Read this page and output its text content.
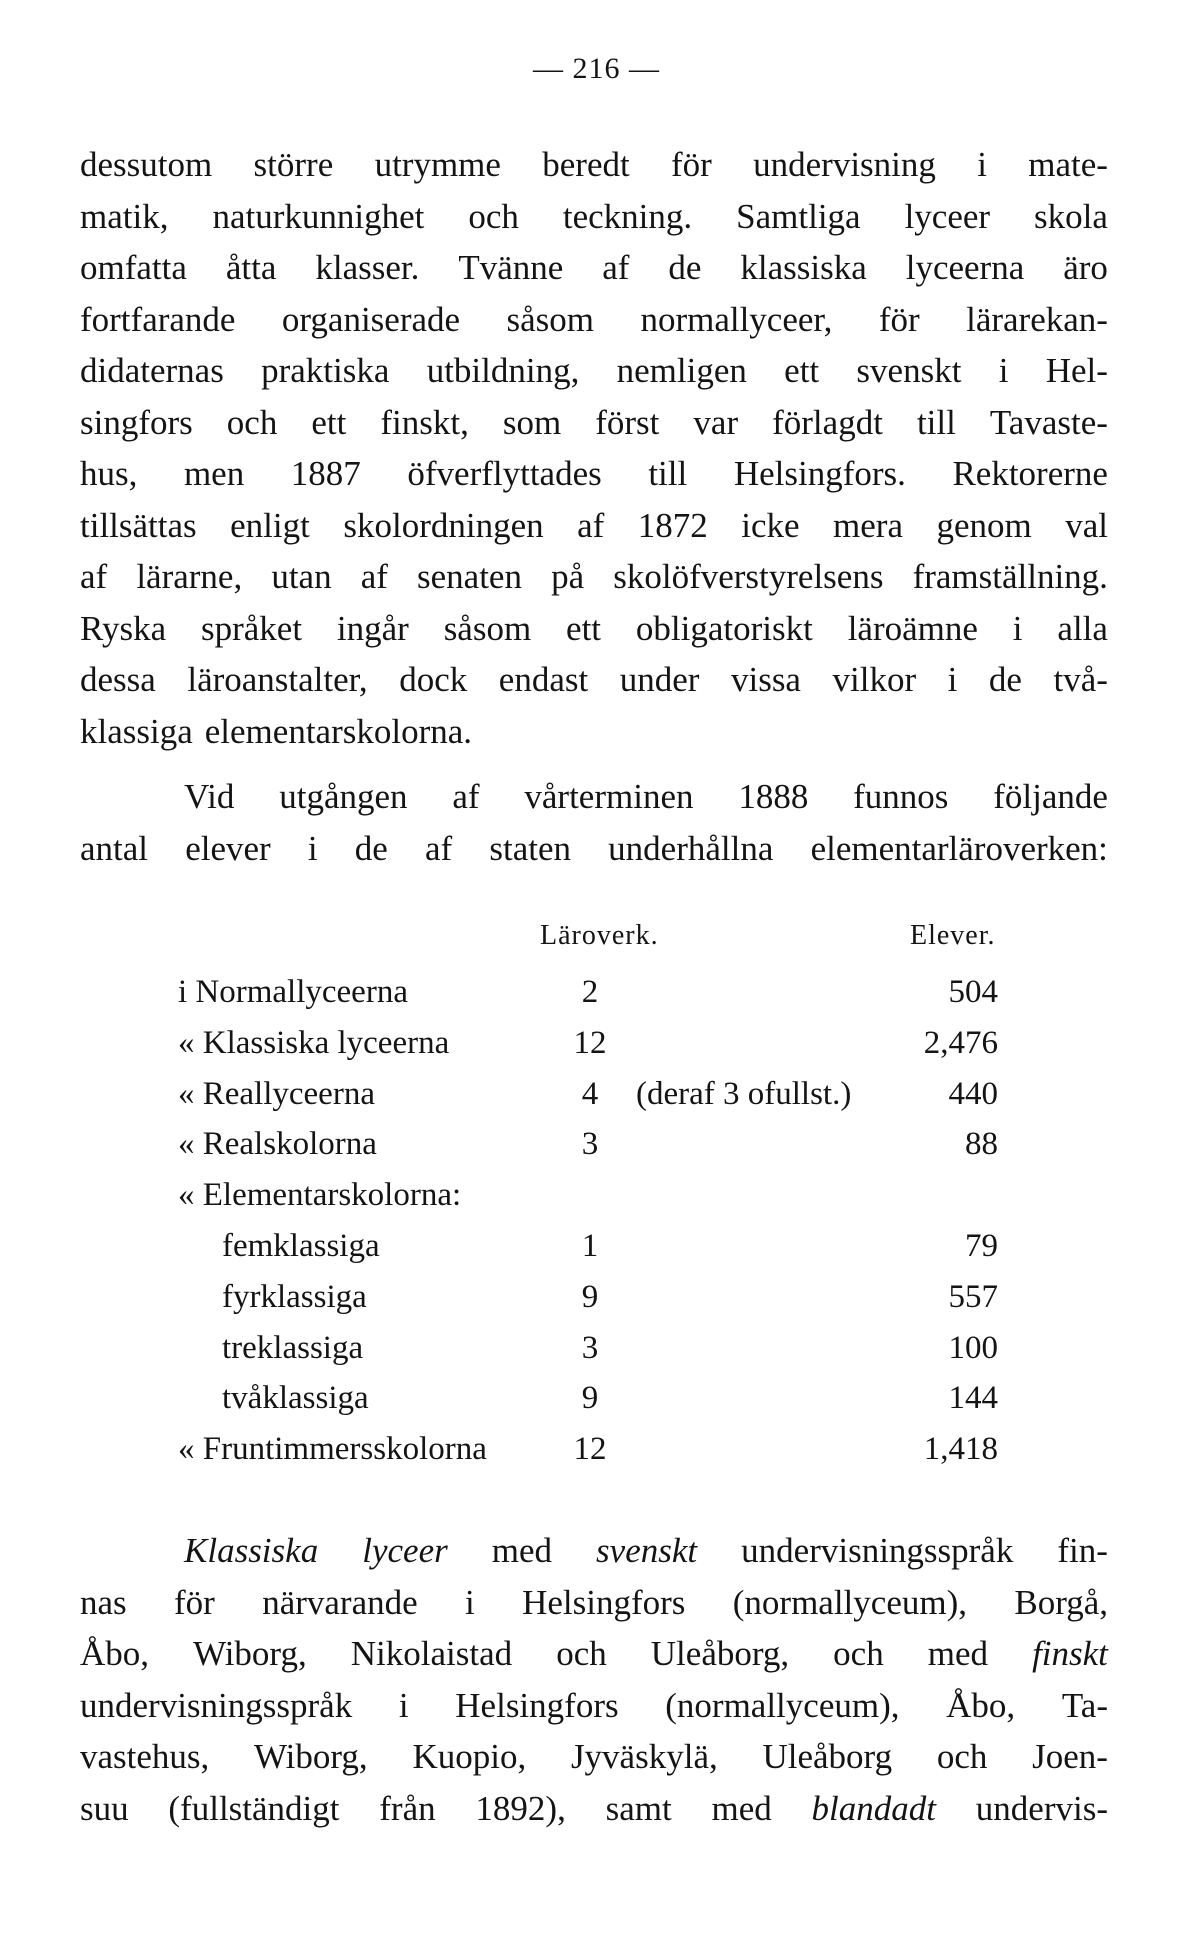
— 216 —
dessutom större utrymme beredt för undervisning i mate-
matik, naturkunnighet och teckning. Samtliga lyceer skola
omfatta åtta klasser. Tvänne af de klassiska lyceerna äro
fortfarande organiserade såsom normallyceer, för lärarekan-
didaternas praktiska utbildning, nemligen ett svenskt i Hel-
singfors och ett finskt, som först var förlagdt till Tavaste-
hus, men 1887 öfverflyttades till Helsingfors. Rektorerne
tillsättas enligt skolordningen af 1872 icke mera genom val
af lärarne, utan af senaten på skolöfverstyrelsens framställning.
Ryska språket ingår såsom ett obligatoriskt läroämne i alla
dessa läroanstalter, dock endast under vissa vilkor i de två-
klassiga elementarskolorna.
Vid utgången af vårterminen 1888 funnos följande
antal elever i de af staten underhållna elementarläroverken:
Läroverk.	Elever.
i Normallyceerna	2	504
« Klassiska lyceerna	12	2,476
« Reallyceerna	4	(deraf 3 ofullst.)	440
« Realskolorna	3	88
« Elementarskolorna:
femklassiga	1	79
fyrklassiga	9	557
treklassiga	3	100
tvåklassiga	9	144
« Fruntimmersskolorna	12	1,418
Klassiska lyceer med svenskt undervisningsspråk fin-
nas för närvarande i Helsingfors (normallyceum), Borgå,
Åbo, Wiborg, Nikolaistad och Uleåborg, och med finskt
undervisningsspråk i Helsingfors (normallyceum), Åbo, Ta-
vastehus, Wiborg, Kuopio, Jyväskylä, Uleåborg och Joen-
suu (fullständigt från 1892), samt med blandadt undervis-
